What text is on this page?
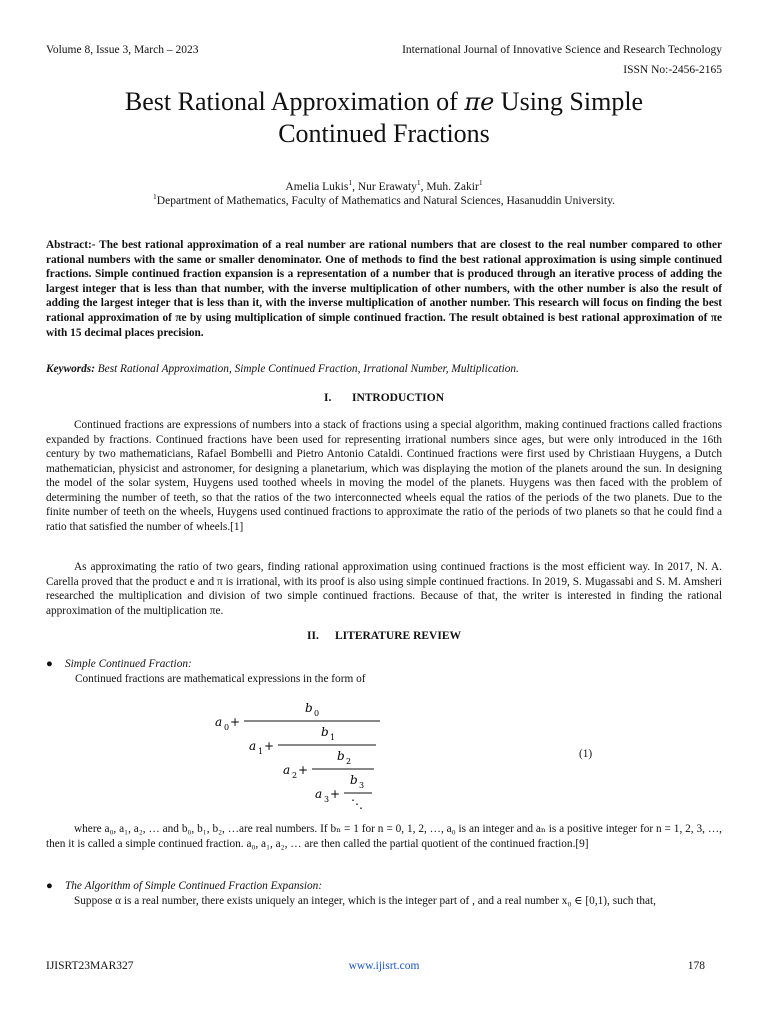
Volume 8, Issue 3, March – 2023	International Journal of Innovative Science and Research Technology
ISSN No:-2456-2165
Best Rational Approximation of πe Using Simple
Continued Fractions
Amelia Lukis$^1$, Nur Erawaty$^1$, Muh. Zakir$^1$
$^1$Department of Mathematics, Faculty of Mathematics and Natural Sciences, Hasanuddin University.
Abstract:- The best rational approximation of a real number are rational numbers that are closest to the real number compared to other rational numbers with the same or smaller denominator. One of methods to find the best rational approximation is using simple continued fractions. Simple continued fraction expansion is a representation of a number that is produced through an iterative process of adding the largest integer that is less than that number, with the inverse multiplication of other numbers, with the other number is also the result of adding the largest integer that is less than it, with the inverse multiplication of another number. This research will focus on finding the best rational approximation of πe by using multiplication of simple continued fraction. The result obtained is best rational approximation of πe with 15 decimal places precision.
Keywords: Best Rational Approximation, Simple Continued Fraction, Irrational Number, Multiplication.
I. INTRODUCTION
Continued fractions are expressions of numbers into a stack of fractions using a special algorithm, making continued fractions called fractions expanded by fractions. Continued fractions have been used for representing irrational numbers since ages, but were only introduced in the 16th century by two mathematicians, Rafael Bombelli and Pietro Antonio Cataldi. Continued fractions were first used by Christiaan Huygens, a Dutch mathematician, physicist and astronomer, for designing a planetarium, which was displaying the motion of the planets around the sun. In designing the model of the solar system, Huygens used toothed wheels in moving the model of the planets. Huygens was then faced with the problem of determining the number of teeth, so that the ratios of the two interconnected wheels equal the ratios of the periods of the two planets. Due to the finite number of teeth on the wheels, Huygens used continued fractions to approximate the ratio of the periods of two planets so that he could find a ratio that satisfied the number of wheels.[1]
As approximating the ratio of two gears, finding rational approximation using continued fractions is the most efficient way. In 2017, N. A. Carella proved that the product e and π is irrational, with its proof is also using simple continued fractions. In 2019, S. Mugassabi and S. M. Amsheri researched the multiplication and division of two simple continued fractions. Because of that, the writer is interested in finding the rational approximation of the multiplication πe.
II. LITERATURE REVIEW
● Simple Continued Fraction:
Continued fractions are mathematical expressions in the form of
b 0
a 0 +
b 1
a 1 +
b 2
a 2 +
b 3
a 3 +
⋱
(1)
where a₀, a₁, a₂, … and b₀, b₁, b₂, …are real numbers. If bₙ = 1 for n = 0, 1, 2, …, a₀ is an integer and aₙ is a positive integer for n = 1, 2, 3, …, then it is called a simple continued fraction. a₀, a₁, a₂, … are then called the partial quotient of the continued fraction.[9]
● The Algorithm of Simple Continued Fraction Expansion:
Suppose α is a real number, there exists uniquely an integer, which is the integer part of , and a real number x₀ ∈ [0,1), such that,
IJISRT23MAR327	www.ijisrt.com	178
